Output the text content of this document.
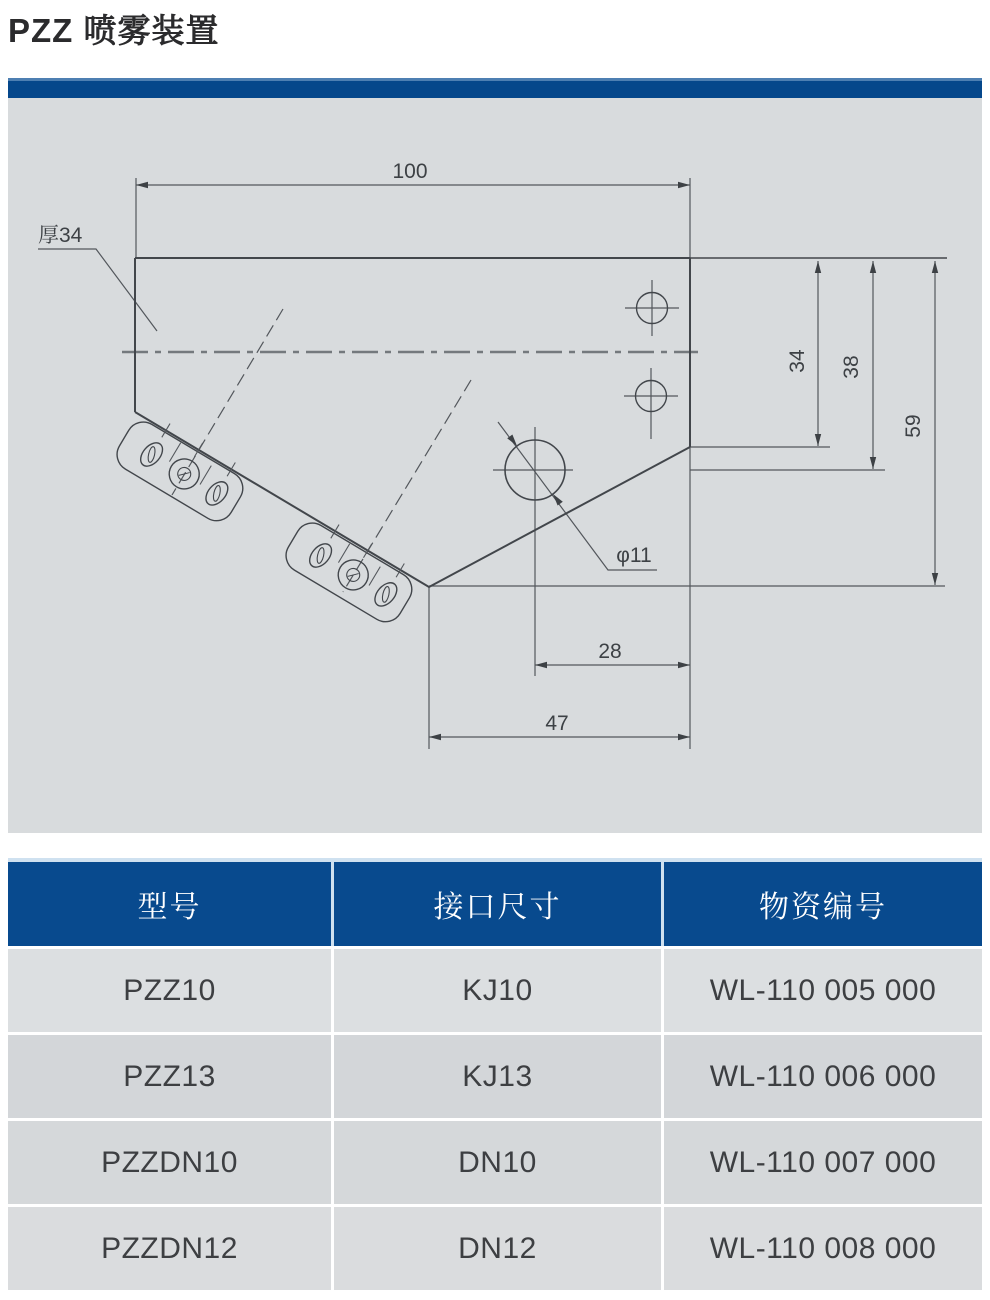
PZZ 喷雾装置
100
厚34
φ11
28
47
34 38
59
型号	接口尺寸	物资编号
PZZ10	KJ10	WL-110 005 000
PZZ13	KJ13	WL-110 006 000
PZZDN10	DN10	WL-110 007 000
PZZDN12	DN12	WL-110 008 000
